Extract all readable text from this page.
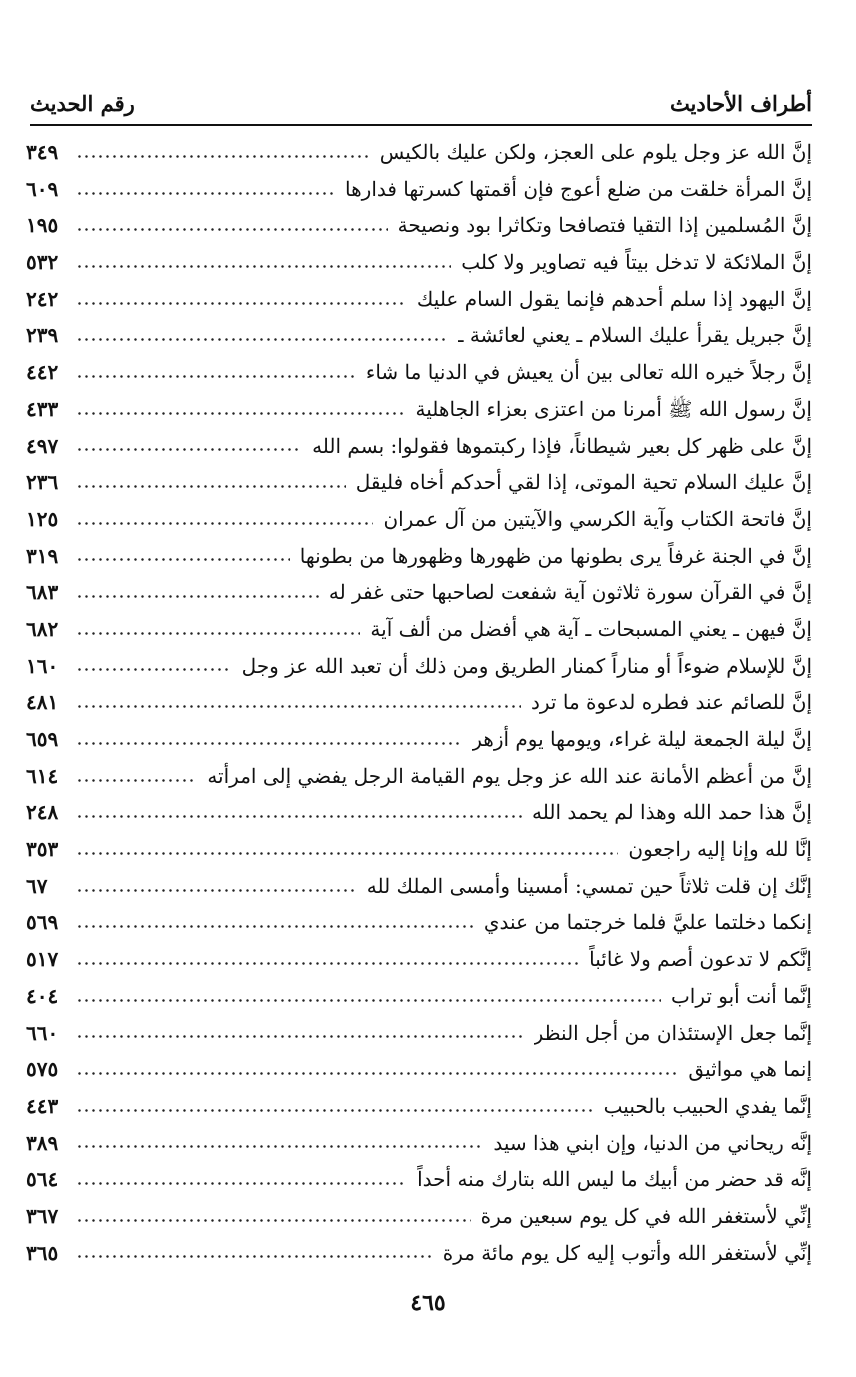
أطراف الأحاديث
رقم الحديث
إنَّ الله عز وجل يلوم على العجز، ولكن عليك بالكيس
٣٤٩
إنَّ المرأة خلقت من ضلع أعوج فإن أقمتها كسرتها فدارها
٦٠٩
إنَّ المُسلمين إذا التقيا فتصافحا وتكاثرا بود ونصيحة
١٩٥
إنَّ الملائكة لا تدخل بيتاً فيه تصاوير ولا كلب
٥٣٢
إنَّ اليهود إذا سلم أحدهم فإنما يقول السام عليك
٢٤٢
إنَّ جبريل يقرأ عليك السلام ـ يعني لعائشة ـ
٢٣٩
إنَّ رجلاً خيره الله تعالى بين أن يعيش في الدنيا ما شاء
٤٤٢
إنَّ رسول الله ﷺ أمرنا من اعتزى بعزاء الجاهلية
٤٣٣
إنَّ على ظهر كل بعير شيطاناً، فإذا ركبتموها فقولوا: بسم الله
٤٩٧
إنَّ عليك السلام تحية الموتى، إذا لقي أحدكم أخاه فليقل
٢٣٦
إنَّ فاتحة الكتاب وآية الكرسي والآيتين من آل عمران
١٢٥
إنَّ في الجنة غرفاً يرى بطونها من ظهورها وظهورها من بطونها
٣١٩
إنَّ في القرآن سورة ثلاثون آية شفعت لصاحبها حتى غفر له
٦٨٣
إنَّ فيهن ـ يعني المسبحات ـ آية هي أفضل من ألف آية
٦٨٢
إنَّ للإسلام ضوءاً أو مناراً كمنار الطريق ومن ذلك أن تعبد الله عز وجل
١٦٠
إنَّ للصائم عند فطره لدعوة ما ترد
٤٨١
إنَّ ليلة الجمعة ليلة غراء، ويومها يوم أزهر
٦٥٩
إنَّ من أعظم الأمانة عند الله عز وجل يوم القيامة الرجل يفضي إلى امرأته
٦١٤
إنَّ هذا حمد الله وهذا لم يحمد الله
٢٤٨
إنَّا لله وإنا إليه راجعون
٣٥٣
إنَّك إن قلت ثلاثاً حين تمسي: أمسينا وأمسى الملك لله
٦٧
إنكما دخلتما عليَّ فلما خرجتما من عندي
٥٦٩
إنَّكم لا تدعون أصم ولا غائباً
٥١٧
إنَّما أنت أبو تراب
٤٠٤
إنَّما جعل الإستئذان من أجل النظر
٦٦٠
إنما هي مواثيق
٥٧٥
إنَّما يفدي الحبيب بالحبيب
٤٤٣
إنَّه ريحاني من الدنيا، وإن ابني هذا سيد
٣٨٩
إنَّه قد حضر من أبيك ما ليس الله بتارك منه أحداً
٥٦٤
إنِّي لأستغفر الله في كل يوم سبعين مرة
٣٦٧
إنِّي لأستغفر الله وأتوب إليه كل يوم مائة مرة
٣٦٥
٤٦٥
